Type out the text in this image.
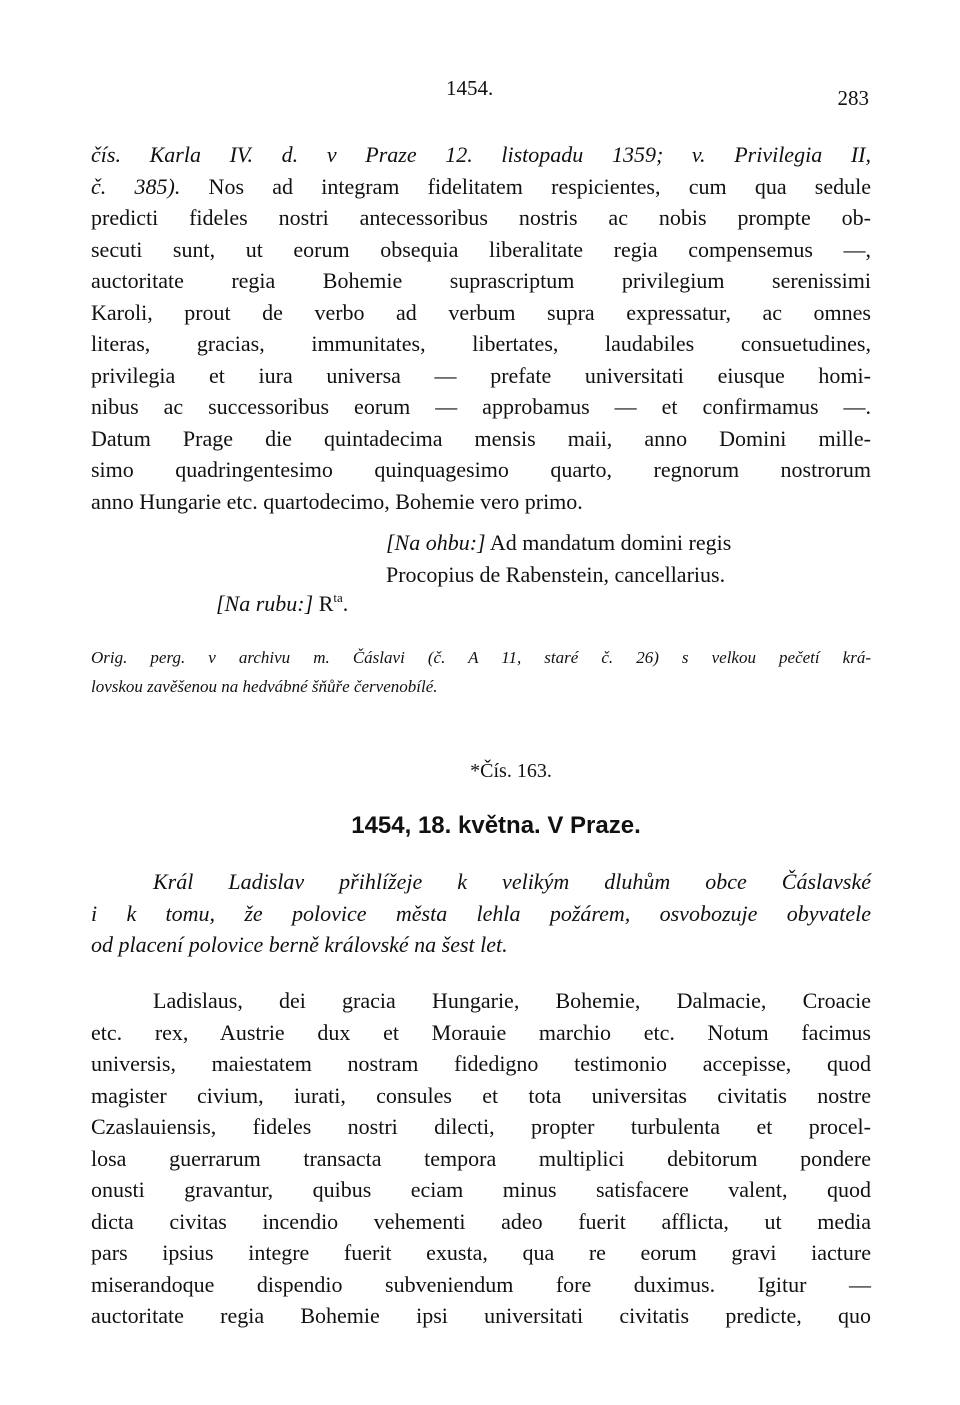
1454.	283
čís. Karla IV. d. v Praze 12. listopadu 1359; v. Privilegia II,
č. 385). Nos ad integram fidelitatem respicientes, cum qua sedule
predicti fideles nostri antecessoribus nostris ac nobis prompte ob-
secuti sunt, ut eorum obsequia liberalitate regia compensemus —,
auctoritate regia Bohemie suprascriptum privilegium serenissimi
Karoli, prout de verbo ad verbum supra expressatur, ac omnes
literas, gracias, immunitates, libertates, laudabiles consuetudines,
privilegia et iura universa — prefate universitati eiusque homi-
nibus ac successoribus eorum — approbamus — et confirmamus —.
Datum Prage die quintadecima mensis maii, anno Domini mille-
simo quadringentesimo quinquagesimo quarto, regnorum nostrorum
anno Hungarie etc. quartodecimo, Bohemie vero primo.
[Na ohbu:] Ad mandatum domini regis
Procopius de Rabenstein, cancellarius.
[Na rubu:] $R^{ta}$.
Orig. perg. v archivu m. Čáslavi (č. A 11, staré č. 26) s velkou pečetí krá-
lovskou zavěšenou na hedvábné šňůře červenobílé.
*Čís. 163.
1454, 18. května. V Praze.
Král Ladislav přihlížeje k velikým dluhům obce Čáslavské
i k tomu, že polovice města lehla požárem, osvobozuje obyvatele
od placení polovice berně královské na šest let.
Ladislaus, dei gracia Hungarie, Bohemie, Dalmacie, Croacie
etc. rex, Austrie dux et Morauie marchio etc. Notum facimus
universis, maiestatem nostram fidedigno testimonio accepisse, quod
magister civium, iurati, consules et tota universitas civitatis nostre
Czaslauiensis, fideles nostri dilecti, propter turbulenta et procel-
losa guerrarum transacta tempora multiplici debitorum pondere
onusti gravantur, quibus eciam minus satisfacere valent, quod
dicta civitas incendio vehementi adeo fuerit afflicta, ut media
pars ipsius integre fuerit exusta, qua re eorum gravi iacture
miserandoque dispendio subveniendum fore duximus. Igitur —
auctoritate regia Bohemie ipsi universitati civitatis predicte, quo
